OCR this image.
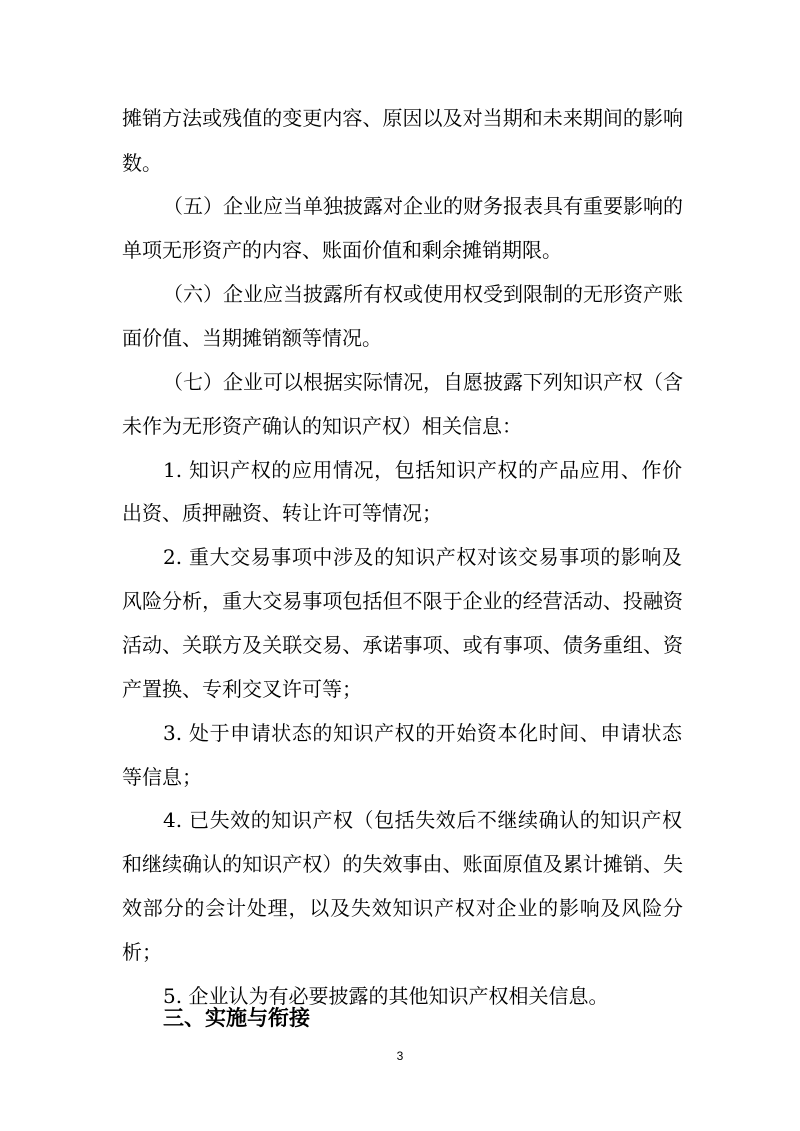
摊销方法或残值的变更内容、原因以及对当期和未来期间的影响

数。

（五）企业应当单独披露对企业的财务报表具有重要影响的

单项无形资产的内容、账面价值和剩余摊销期限。

（六）企业应当披露所有权或使用权受到限制的无形资产账

面价值、当期摊销额等情况。

（七）企业可以根据实际情况，自愿披露下列知识产权（含

未作为无形资产确认的知识产权）相关信息：

1. 知识产权的应用情况，包括知识产权的产品应用、作价

出资、质押融资、转让许可等情况；

2. 重大交易事项中涉及的知识产权对该交易事项的影响及

风险分析，重大交易事项包括但不限于企业的经营活动、投融资

活动、关联方及关联交易、承诺事项、或有事项、债务重组、资

产置换、专利交叉许可等；

3. 处于申请状态的知识产权的开始资本化时间、申请状态

等信息；

4. 已失效的知识产权（包括失效后不继续确认的知识产权

和继续确认的知识产权）的失效事由、账面原值及累计摊销、失

效部分的会计处理，以及失效知识产权对企业的影响及风险分

析；

5. 企业认为有必要披露的其他知识产权相关信息。

三、实施与衔接
3
